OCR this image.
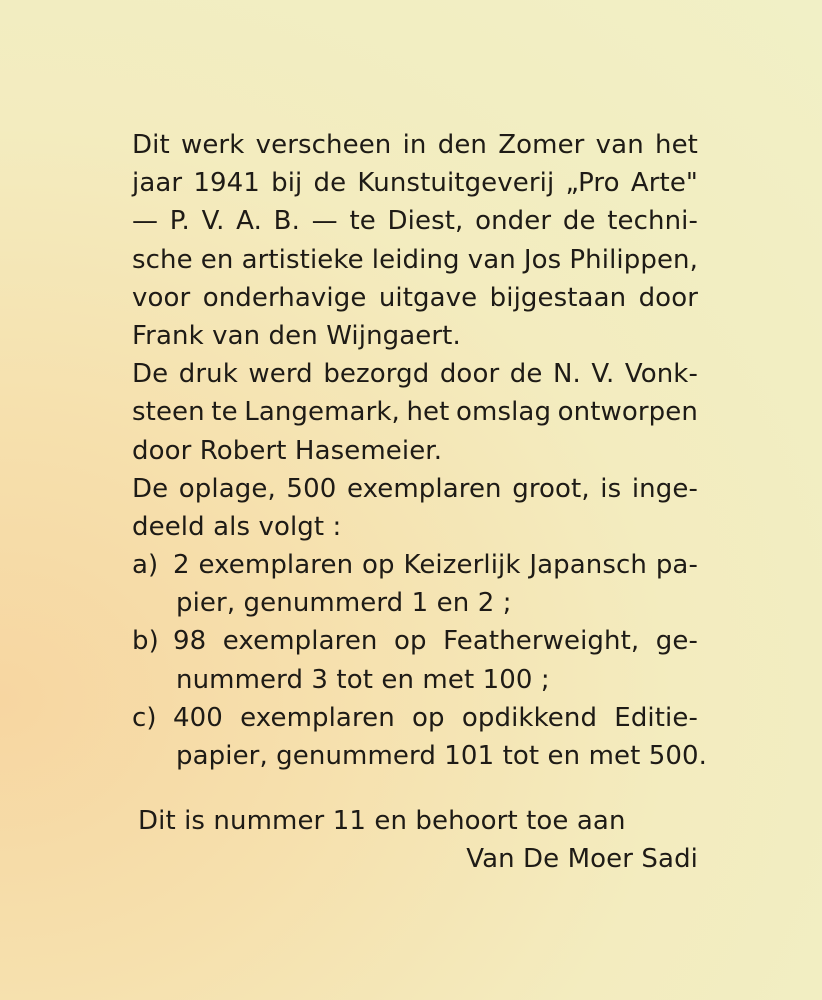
Dit werk verscheen in den Zomer van het
jaar 1941 bij de Kunstuitgeverij „Pro Arte"
— P. V. A. B. — te Diest, onder de techni-
sche en artistieke leiding van Jos Philippen,
voor onderhavige uitgave bijgestaan door
Frank van den Wijngaert.
De druk werd bezorgd door de N. V. Vonk-
steen te Langemark, het omslag ontworpen
door Robert Hasemeier.
De oplage, 500 exemplaren groot, is inge-
deeld als volgt :
a) 2 exemplaren op Keizerlijk Japansch pa-
pier, genummerd 1 en 2 ;
b) 98 exemplaren op Featherweight, ge-
nummerd 3 tot en met 100 ;
c) 400 exemplaren op opdikkend Editie-
papier, genummerd 101 tot en met 500.
Dit is nummer 11 en behoort toe aan
Van De Moer Sadi
